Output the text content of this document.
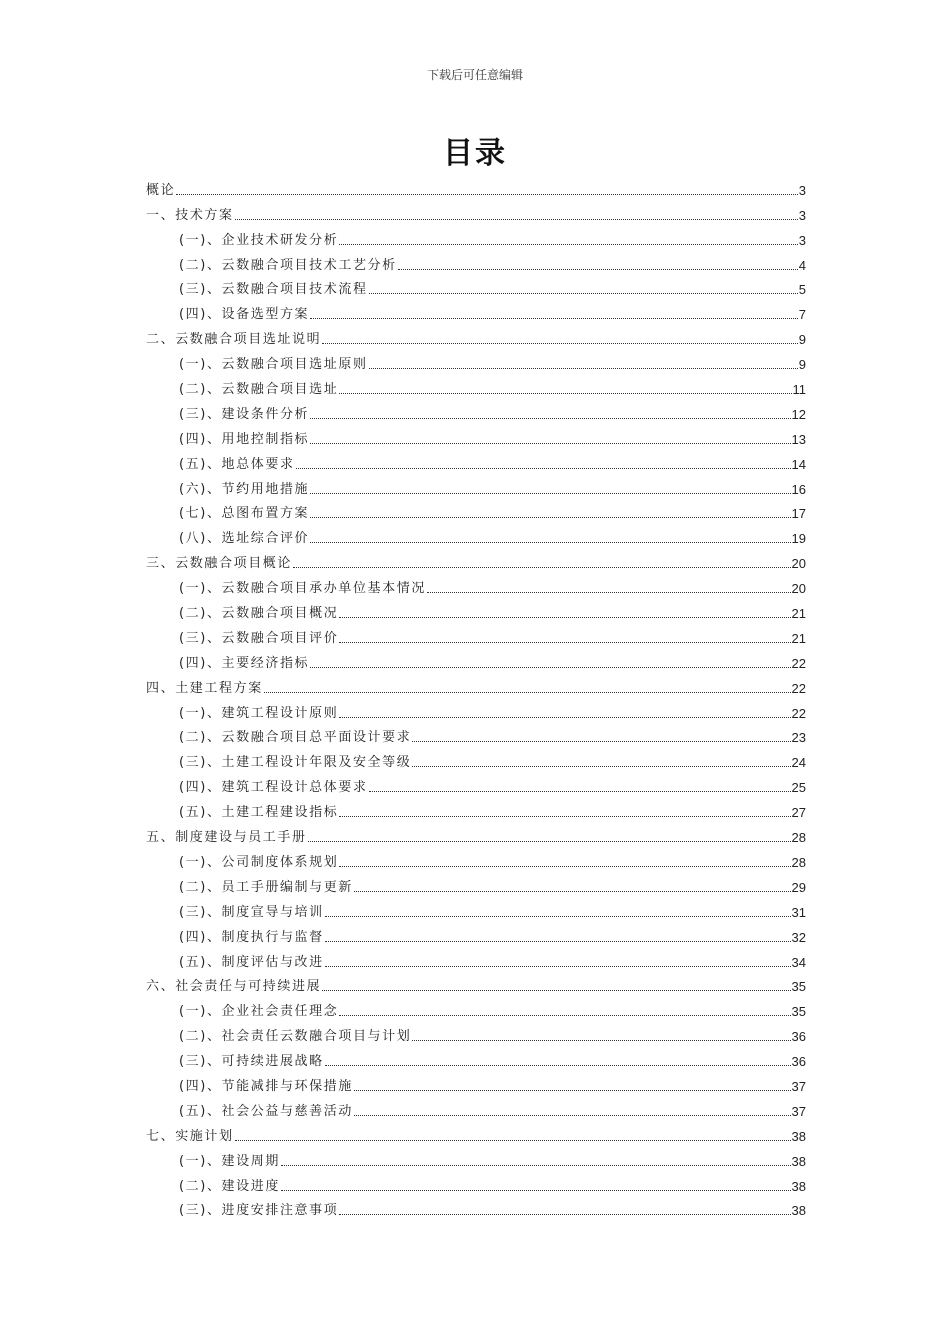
下载后可任意编辑
目录
概论	3
一、技术方案	3
(一)、企业技术研发分析	3
(二)、云数融合项目技术工艺分析	4
(三)、云数融合项目技术流程	5
(四)、设备选型方案	7
二、云数融合项目选址说明	9
(一)、云数融合项目选址原则	9
(二)、云数融合项目选址	11
(三)、建设条件分析	12
(四)、用地控制指标	13
(五)、地总体要求	14
(六)、节约用地措施	16
(七)、总图布置方案	17
(八)、选址综合评价	19
三、云数融合项目概论	20
(一)、云数融合项目承办单位基本情况	20
(二)、云数融合项目概况	21
(三)、云数融合项目评价	21
(四)、主要经济指标	22
四、土建工程方案	22
(一)、建筑工程设计原则	22
(二)、云数融合项目总平面设计要求	23
(三)、土建工程设计年限及安全等级	24
(四)、建筑工程设计总体要求	25
(五)、土建工程建设指标	27
五、制度建设与员工手册	28
(一)、公司制度体系规划	28
(二)、员工手册编制与更新	29
(三)、制度宣导与培训	31
(四)、制度执行与监督	32
(五)、制度评估与改进	34
六、社会责任与可持续进展	35
(一)、企业社会责任理念	35
(二)、社会责任云数融合项目与计划	36
(三)、可持续进展战略	36
(四)、节能减排与环保措施	37
(五)、社会公益与慈善活动	37
七、实施计划	38
(一)、建设周期	38
(二)、建设进度	38
(三)、进度安排注意事项	38
